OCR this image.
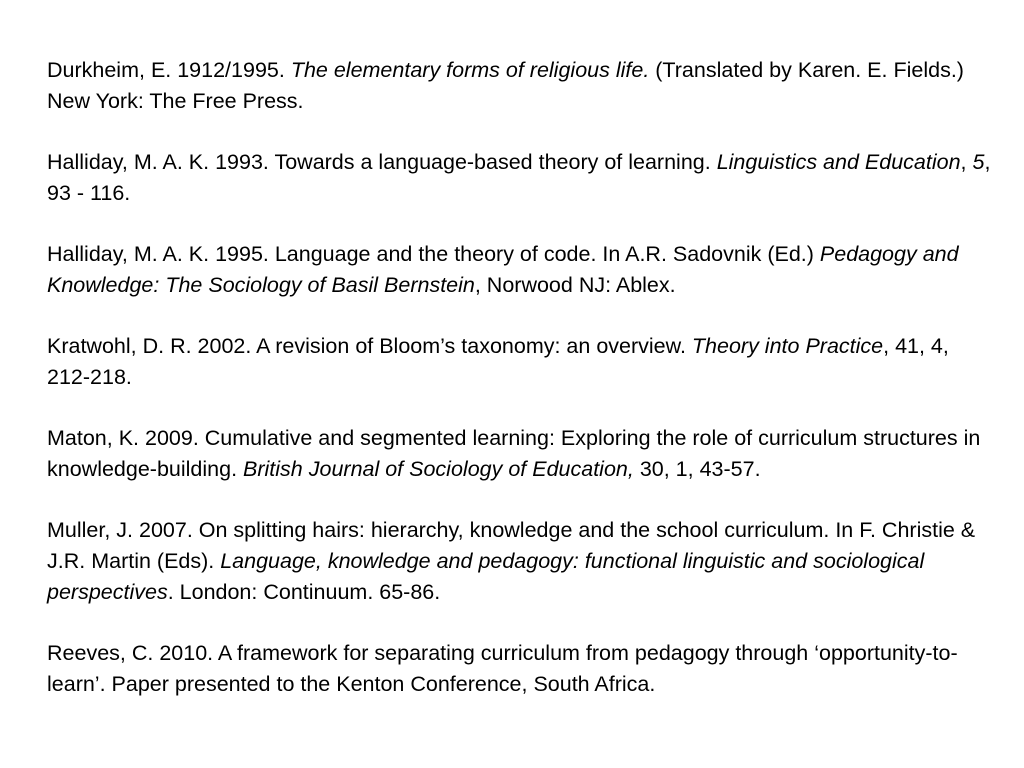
Durkheim, E. 1912/1995. The elementary forms of religious life. (Translated by Karen. E. Fields.) New York: The Free Press.

Halliday, M. A. K. 1993. Towards a language-based theory of learning. Linguistics and Education, 5, 93 - 116.

Halliday, M. A. K. 1995. Language and the theory of code. In A.R. Sadovnik (Ed.) Pedagogy and Knowledge: The Sociology of Basil Bernstein, Norwood NJ: Ablex.

Kratwohl, D. R. 2002. A revision of Bloom’s taxonomy: an overview. Theory into Practice, 41, 4, 212-218.

Maton, K. 2009. Cumulative and segmented learning: Exploring the role of curriculum structures in knowledge-building. British Journal of Sociology of Education, 30, 1, 43-57.

Muller, J. 2007. On splitting hairs: hierarchy, knowledge and the school curriculum. In F. Christie & J.R. Martin (Eds). Language, knowledge and pedagogy: functional linguistic and sociological perspectives. London: Continuum. 65-86.

Reeves, C. 2010. A framework for separating curriculum from pedagogy through ‘opportunity-to-learn’. Paper presented to the Kenton Conference, South Africa.
